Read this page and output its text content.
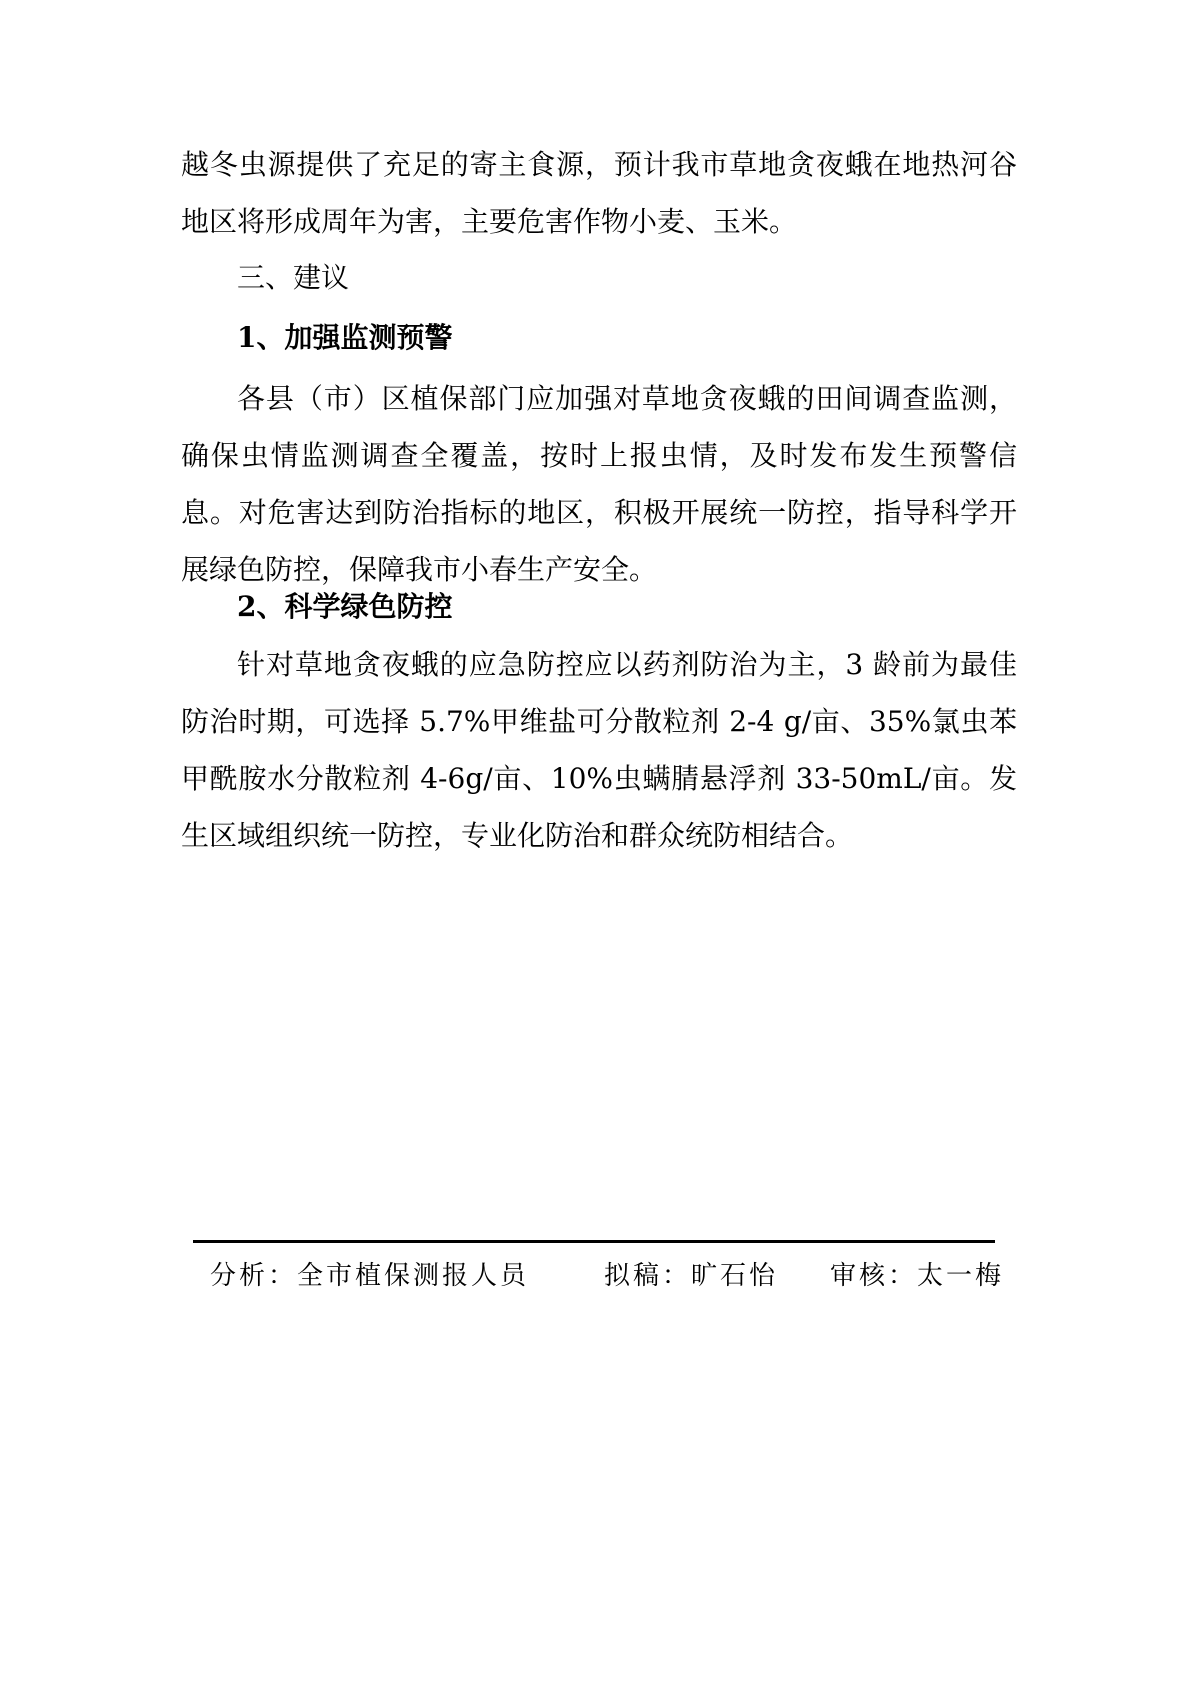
越冬虫源提供了充足的寄主食源，预计我市草地贪夜蛾在地热河谷地区将形成周年为害，主要危害作物小麦、玉米。

三、建议

1、加强监测预警

各县（市）区植保部门应加强对草地贪夜蛾的田间调查监测，确保虫情监测调查全覆盖，按时上报虫情，及时发布发生预警信息。对危害达到防治指标的地区，积极开展统一防控，指导科学开展绿色防控，保障我市小春生产安全。

2、科学绿色防控

针对草地贪夜蛾的应急防控应以药剂防治为主，3 龄前为最佳防治时期，可选择 5.7%甲维盐可分散粒剂 2-4 g/亩、35%氯虫苯甲酰胺水分散粒剂 4-6g/亩、10%虫螨腈悬浮剂 33-50mL/亩。发生区域组织统一防控，专业化防治和群众统防相结合。

分析：全市植保测报人员	拟稿：旷石怡 审核：太一梅
